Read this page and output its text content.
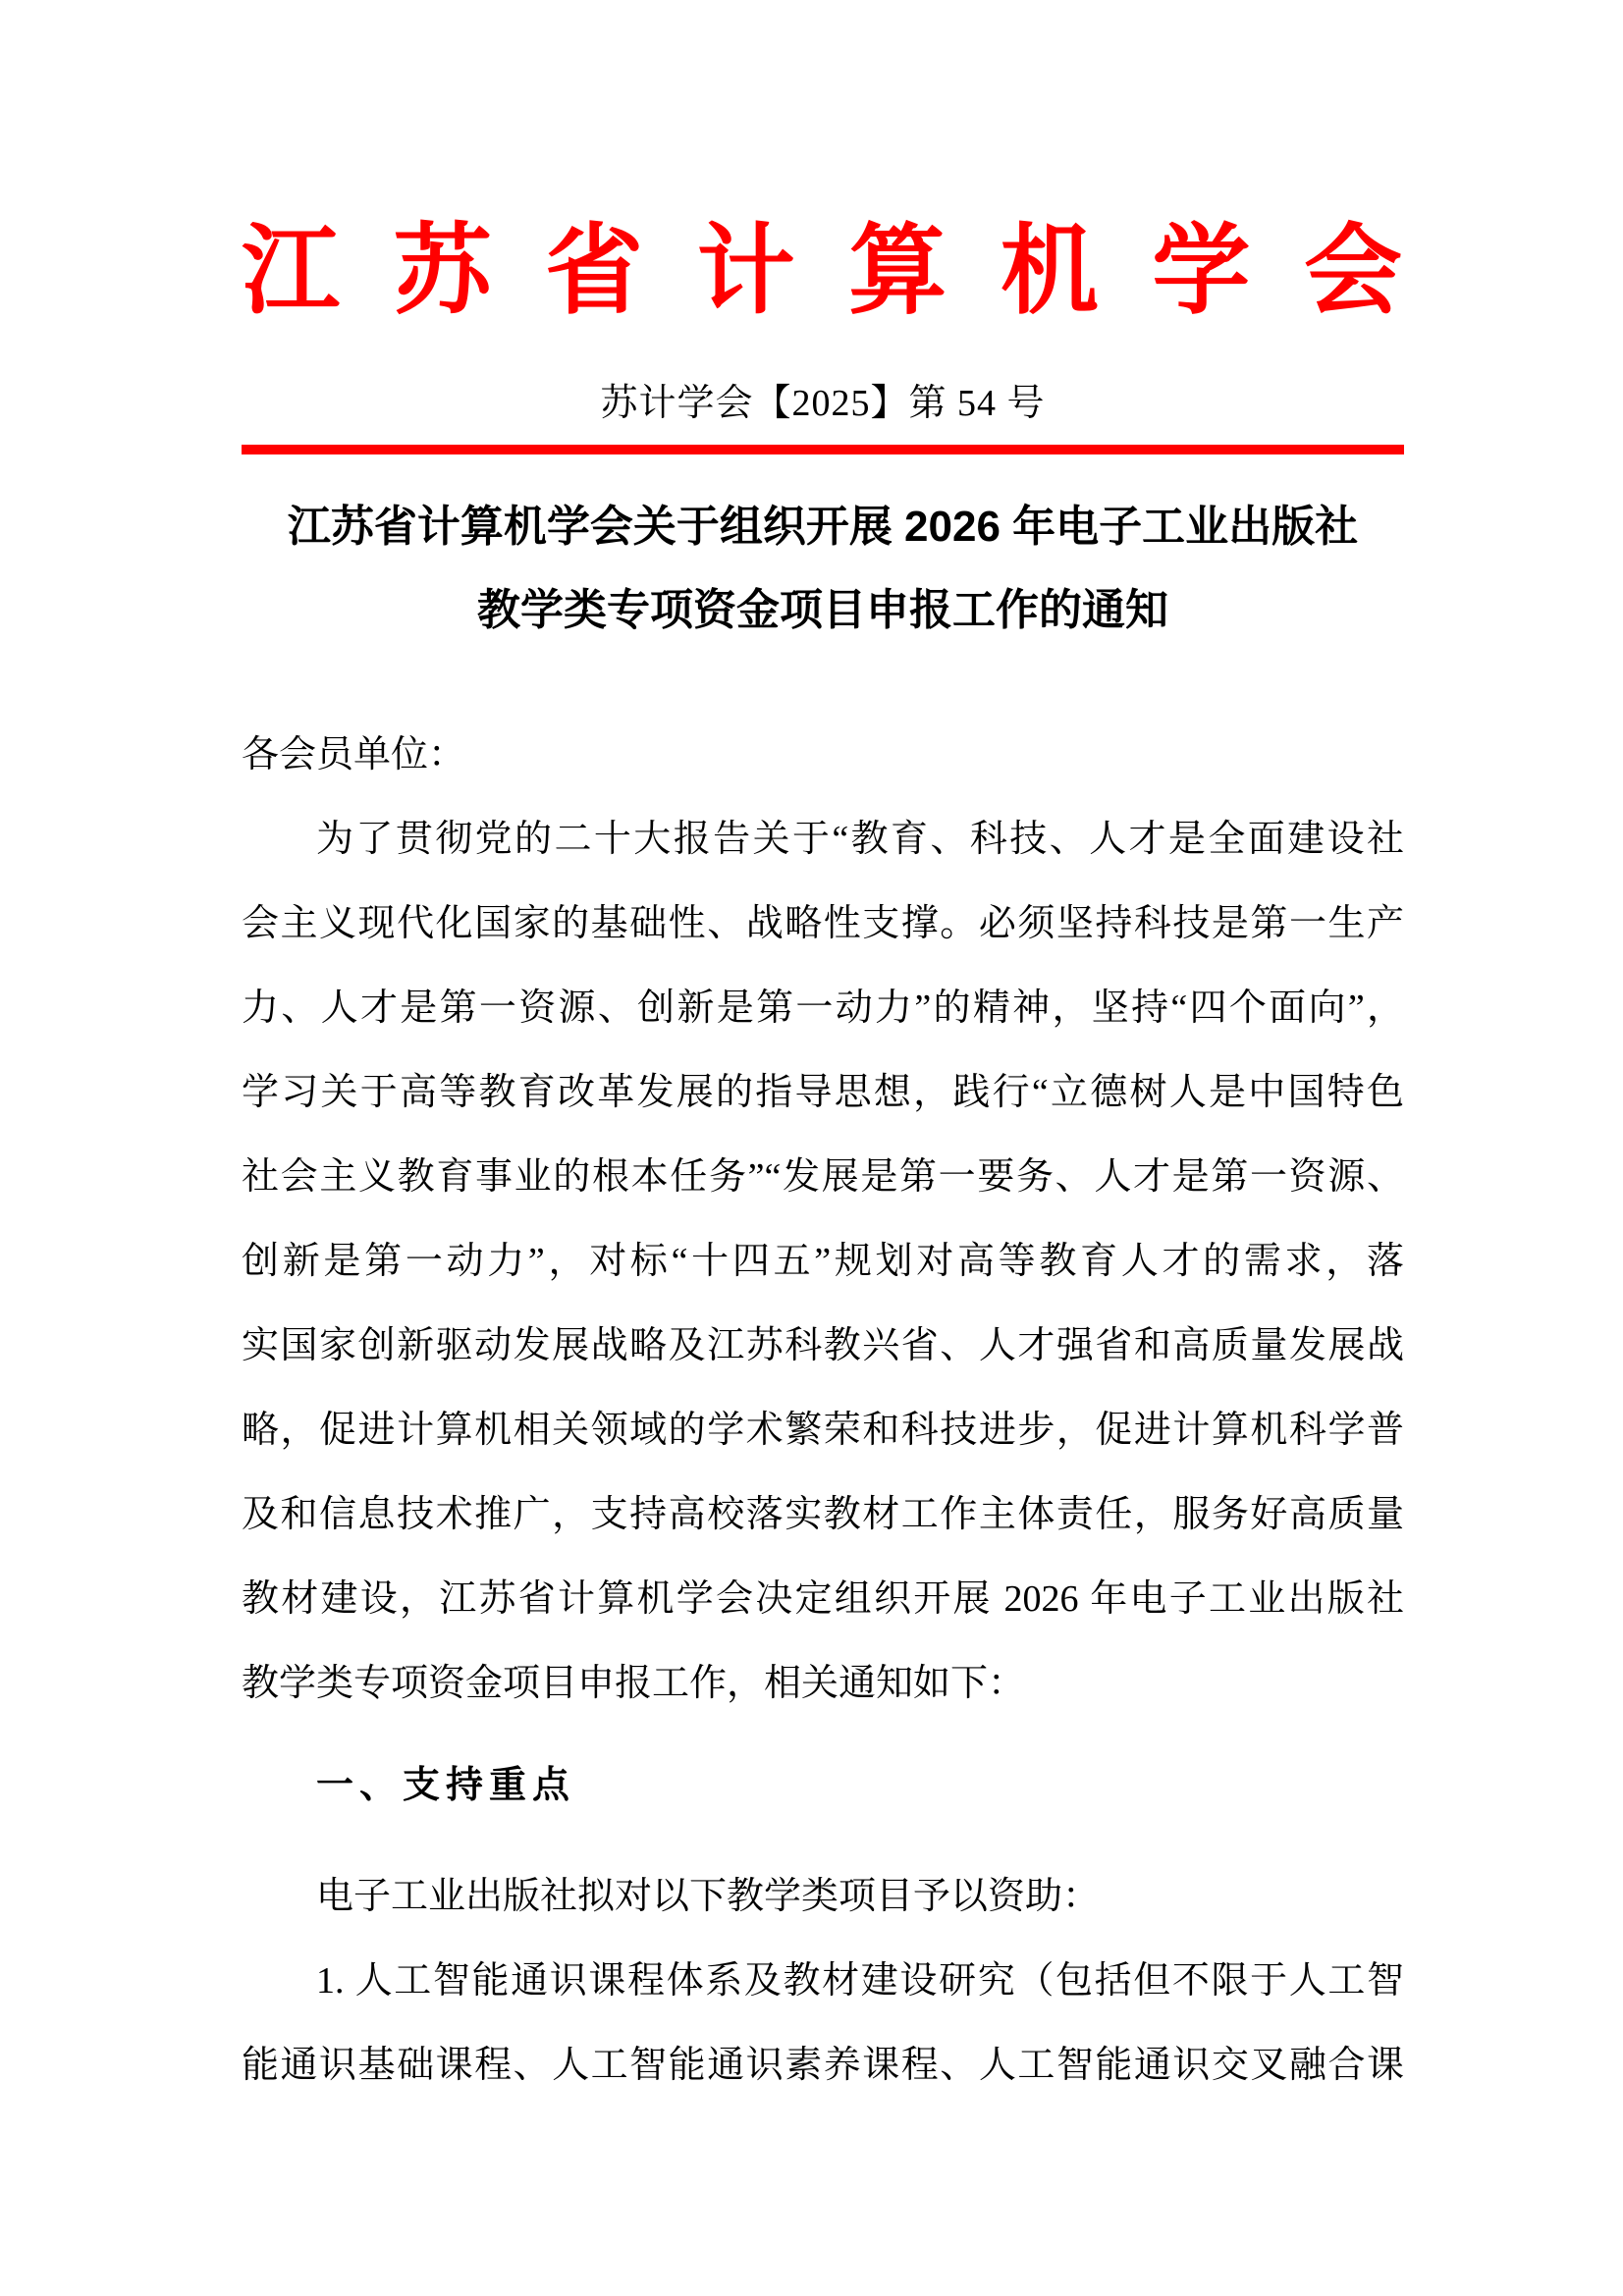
江苏省计算机学会
苏计学会【2025】第 54 号
江苏省计算机学会关于组织开展 2026 年电子工业出版社
教学类专项资金项目申报工作的通知
各会员单位：
为了贯彻党的二十大报告关于“教育、科技、人才是全面建设社
会主义现代化国家的基础性、战略性支撑。必须坚持科技是第一生产
力、人才是第一资源、创新是第一动力”的精神，坚持“四个面向”，
学习关于高等教育改革发展的指导思想，践行“立德树人是中国特色
社会主义教育事业的根本任务”“发展是第一要务、人才是第一资源、
创新是第一动力”，对标“十四五”规划对高等教育人才的需求，落
实国家创新驱动发展战略及江苏科教兴省、人才强省和高质量发展战
略，促进计算机相关领域的学术繁荣和科技进步，促进计算机科学普
及和信息技术推广，支持高校落实教材工作主体责任，服务好高质量
教材建设，江苏省计算机学会决定组织开展 2026 年电子工业出版社
教学类专项资金项目申报工作，相关通知如下：
一、支持重点
电子工业出版社拟对以下教学类项目予以资助：
1. 人工智能通识课程体系及教材建设研究（包括但不限于人工智
能通识基础课程、人工智能通识素养课程、人工智能通识交叉融合课
